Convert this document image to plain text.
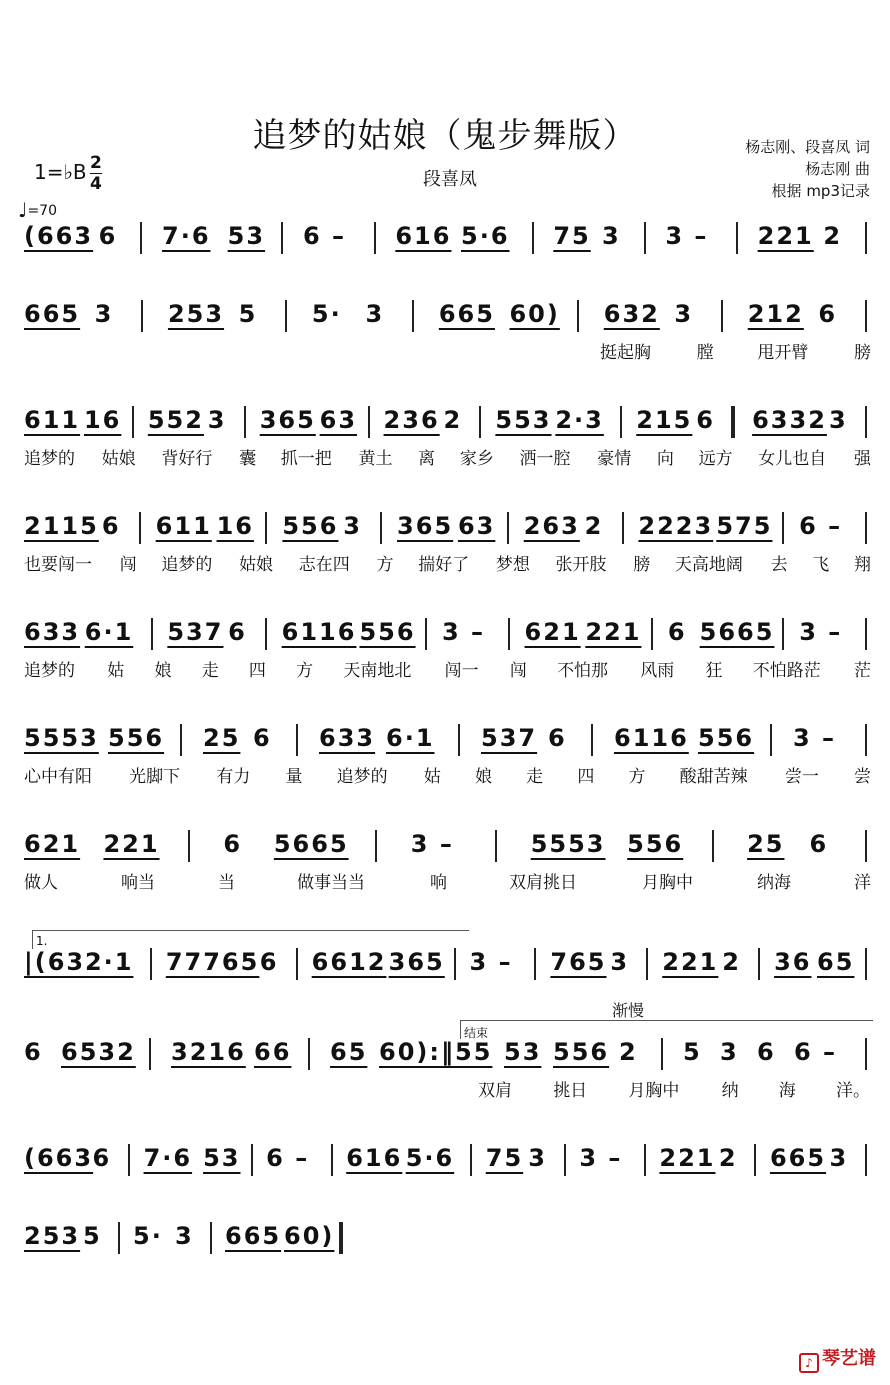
追梦的姑娘（鬼步舞版）	杨志刚、段喜凤 词
杨志刚 曲
根据 mp3记录
段喜凤
1=♭B 2
4
♩=70
(663 6 7·6 53 6 – 616 5·6 75 3 3 – 221 2
665 3 253 5 5· 3 665 60) 632 3 212 6
挺起胸	膛	甩开臂	膀
611 16 552 3 365 63 236 2 553 2·3 215 6 6332 3
追梦的 姑娘 背好行 囊 抓一把 黄土 离 家乡 洒一腔 豪情 向 远方 女儿也自 强
2115 6 611 16 556 3 365 63 263 2 2223 575 6 –
也要闯一 闯 追梦的 姑娘 志在四 方 揣好了 梦想 张开肢 膀 天高地阔 去 飞 翔
633 6·1 537 6 6116 556 3 – 621 221 6 5665 3 –
追梦的 姑 娘 走 四 方 天南地北 闯一 闯 不怕那 风雨 狂 不怕路茫 茫
5553 556 25 6 633 6·1 537 6 6116 556 3 –
心中有阳 光脚下 有力 量 追梦的 姑 娘 走 四 方 酸甜苦辣 尝一 尝
621 221	6 5665	3 –	5553 556	25 6
做人	响当	当	做事当当	响	双肩挑日	月胸中	纳海	洋
|(63 2·1 77765 6 6612 365 3 – 765 3 221 2 36 65
6 6532 3216 66 65 60):‖ 55 53 556 2 5 3 6 6 –
双肩 挑日 月胸中 纳 海 洋。
(663 6 7·6 53 6 – 616 5·6 75 3 3 – 221 2 665 3
253 5 5· 3 665 60)
1.
结束
渐慢
♪ 琴艺谱
